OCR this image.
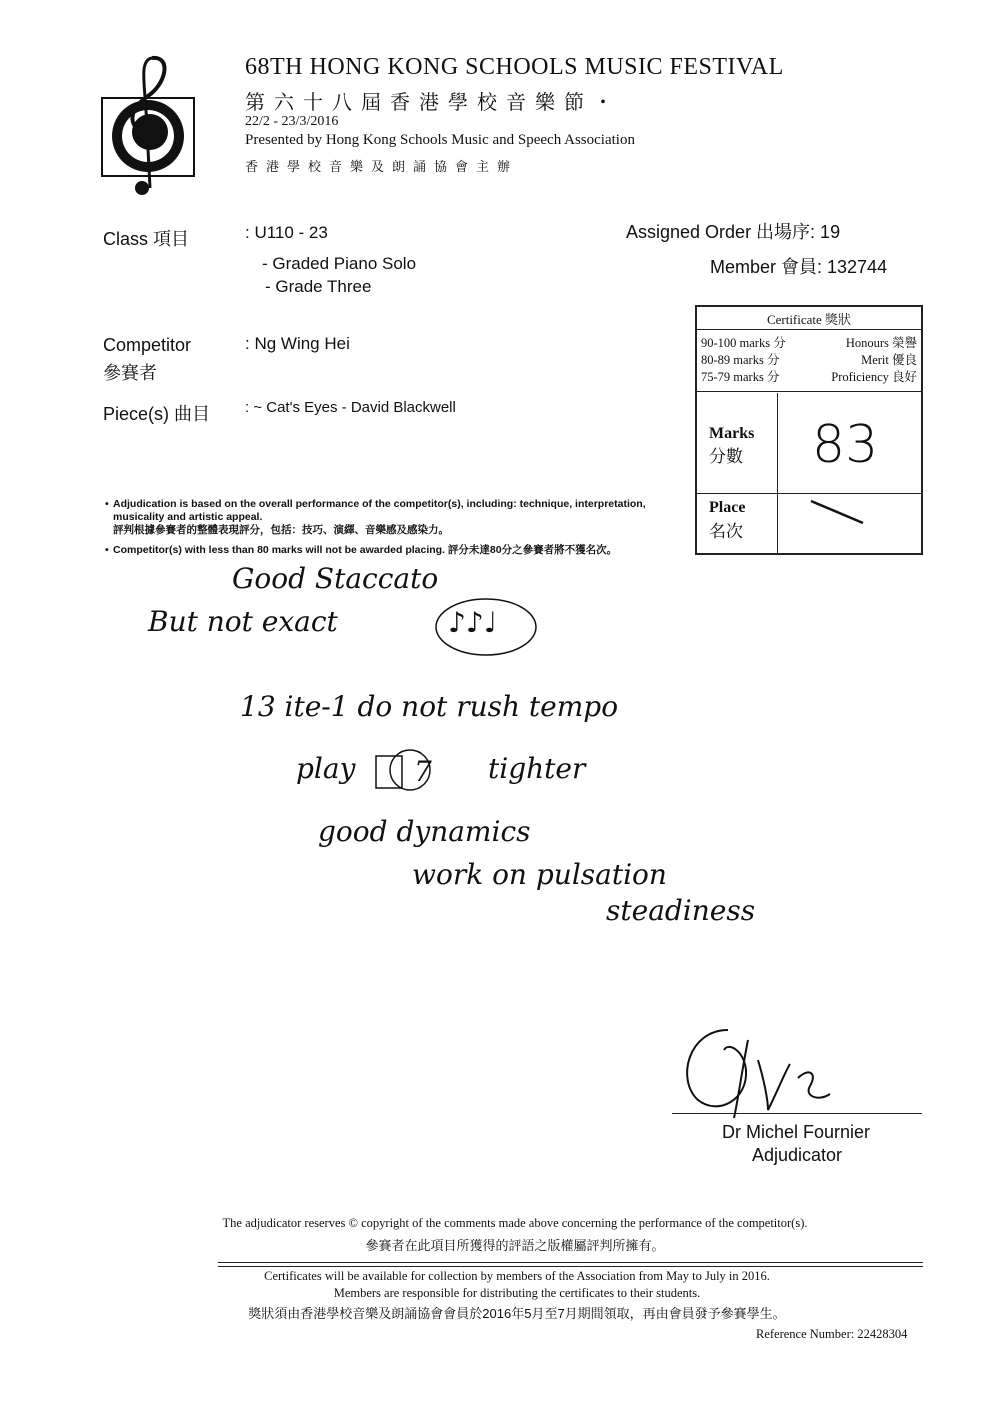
68TH HONG KONG SCHOOLS MUSIC FESTIVAL
第六十八屆香港學校音樂節・
22/2 - 23/3/2016
Presented by Hong Kong Schools Music and Speech Association
香港學校音樂及朗誦協會主辦
Class 項目	: U110 - 23
- Graded Piano Solo
- Grade Three
Assigned Order 出場序: 19
Member 會員: 132744
Competitor
參賽者
: Ng Wing Hei
Piece(s) 曲目 : ~ Cat's Eyes - David Blackwell
Certificate 獎狀
90-100 marks 分	Honours 榮譽
80-89 marks 分	Merit 優良
75-79 marks 分	Proficiency 良好
Marks
分數 83
Place
名次
• Adjudication is based on the overall performance of the competitor(s), including: technique, interpretation, musicality and artistic appeal.
評判根據參賽者的整體表現評分，包括：技巧、演繹、音樂感及感染力。
• Competitor(s) with less than 80 marks will not be awarded placing. 評分未達80分之參賽者將不獲名次。
Good Staccato
But not exact	♪♪♩
13 ite-1 do not rush tempo
play 7 tighter
good dynamics
work on pulsation
steadiness
Dr Michel Fournier
Adjudicator
The adjudicator reserves © copyright of the comments made above concerning the performance of the competitor(s).
參賽者在此項目所獲得的評語之版權屬評判所擁有。
Certificates will be available for collection by members of the Association from May to July in 2016.
Members are responsible for distributing the certificates to their students.
獎狀須由香港學校音樂及朗誦協會會員於2016年5月至7月期間領取，再由會員發予參賽學生。
Reference Number: 22428304
